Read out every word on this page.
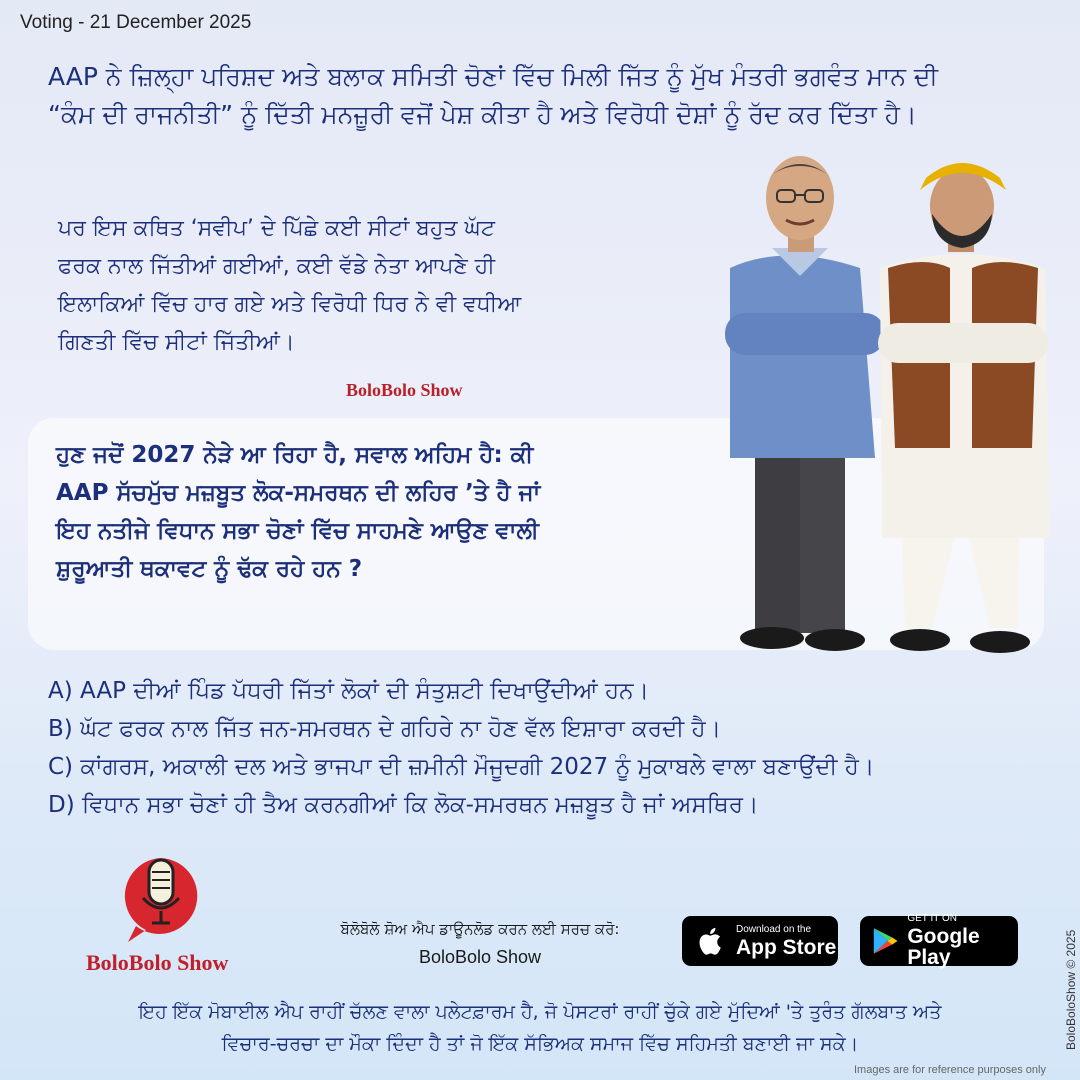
Voting - 21 December 2025

AAP ਨੇ ਜ਼ਿਲ੍ਹਾ ਪਰਿਸ਼ਦ ਅਤੇ ਬਲਾਕ ਸਮਿਤੀ ਚੋਣਾਂ ਵਿੱਚ ਮਿਲੀ ਜਿੱਤ ਨੂੰ ਮੁੱਖ ਮੰਤਰੀ ਭਗਵੰਤ ਮਾਨ ਦੀ

“ਕੰਮ ਦੀ ਰਾਜਨੀਤੀ” ਨੂੰ ਦਿੱਤੀ ਮਨਜ਼ੂਰੀ ਵਜੋਂ ਪੇਸ਼ ਕੀਤਾ ਹੈ ਅਤੇ ਵਿਰੋਧੀ ਦੋਸ਼ਾਂ ਨੂੰ ਰੱਦ ਕਰ ਦਿੱਤਾ ਹੈ।

ਪਰ ਇਸ ਕਥਿਤ ‘ਸਵੀਪ’ ਦੇ ਪਿੱਛੇ ਕਈ ਸੀਟਾਂ ਬਹੁਤ ਘੱਟ

ਫਰਕ ਨਾਲ ਜਿੱਤੀਆਂ ਗਈਆਂ, ਕਈ ਵੱਡੇ ਨੇਤਾ ਆਪਣੇ ਹੀ

ਇਲਾਕਿਆਂ ਵਿੱਚ ਹਾਰ ਗਏ ਅਤੇ ਵਿਰੋਧੀ ਧਿਰ ਨੇ ਵੀ ਵਧੀਆ

ਗਿਣਤੀ ਵਿੱਚ ਸੀਟਾਂ ਜਿੱਤੀਆਂ।

BoloBolo Show

ਹੁਣ ਜਦੋਂ 2027 ਨੇੜੇ ਆ ਰਿਹਾ ਹੈ, ਸਵਾਲ ਅਹਿਮ ਹੈ: ਕੀ

AAP ਸੱਚਮੁੱਚ ਮਜ਼ਬੂਤ ਲੋਕ-ਸਮਰਥਨ ਦੀ ਲਹਿਰ ’ਤੇ ਹੈ ਜਾਂ

ਇਹ ਨਤੀਜੇ ਵਿਧਾਨ ਸਭਾ ਚੋਣਾਂ ਵਿੱਚ ਸਾਹਮਣੇ ਆਉਣ ਵਾਲੀ

ਸ਼ੁਰੂਆਤੀ ਥਕਾਵਟ ਨੂੰ ਢੱਕ ਰਹੇ ਹਨ ?

A) AAP ਦੀਆਂ ਪਿੰਡ ਪੱਧਰੀ ਜਿੱਤਾਂ ਲੋਕਾਂ ਦੀ ਸੰਤੁਸ਼ਟੀ ਦਿਖਾਉਂਦੀਆਂ ਹਨ।
B) ਘੱਟ ਫਰਕ ਨਾਲ ਜਿੱਤ ਜਨ-ਸਮਰਥਨ ਦੇ ਗਹਿਰੇ ਨਾ ਹੋਣ ਵੱਲ ਇਸ਼ਾਰਾ ਕਰਦੀ ਹੈ।
C) ਕਾਂਗਰਸ, ਅਕਾਲੀ ਦਲ ਅਤੇ ਭਾਜਪਾ ਦੀ ਜ਼ਮੀਨੀ ਮੌਜੂਦਗੀ 2027 ਨੂੰ ਮੁਕਾਬਲੇ ਵਾਲਾ ਬਣਾਉਂਦੀ ਹੈ।
D) ਵਿਧਾਨ ਸਭਾ ਚੋਣਾਂ ਹੀ ਤੈਅ ਕਰਨਗੀਆਂ ਕਿ ਲੋਕ-ਸਮਰਥਨ ਮਜ਼ਬੂਤ ਹੈ ਜਾਂ ਅਸਥਿਰ।
BoloBolo Show
ਬੋਲੋਬੋਲੋ ਸ਼ੋਅ ਐਪ ਡਾਊਨਲੋਡ ਕਰਨ ਲਈ ਸਰਚ ਕਰੋ:
BoloBolo Show
Download on the
App Store
GET IT ON
Google Play

ਇਹ ਇੱਕ ਮੋਬਾਈਲ ਐਪ ਰਾਹੀਂ ਚੱਲਣ ਵਾਲਾ ਪਲੇਟਫ਼ਾਰਮ ਹੈ, ਜੋ ਪੋਸਟਰਾਂ ਰਾਹੀਂ ਚੁੱਕੇ ਗਏ ਮੁੱਦਿਆਂ 'ਤੇ ਤੁਰੰਤ ਗੱਲਬਾਤ ਅਤੇ

ਵਿਚਾਰ-ਚਰਚਾ ਦਾ ਮੌਕਾ ਦਿੰਦਾ ਹੈ ਤਾਂ ਜੋ ਇੱਕ ਸੱਭਿਅਕ ਸਮਾਜ ਵਿੱਚ ਸਹਿਮਤੀ ਬਣਾਈ ਜਾ ਸਕੇ।	BoloBoloShow © 2025
Images are for reference purposes only
